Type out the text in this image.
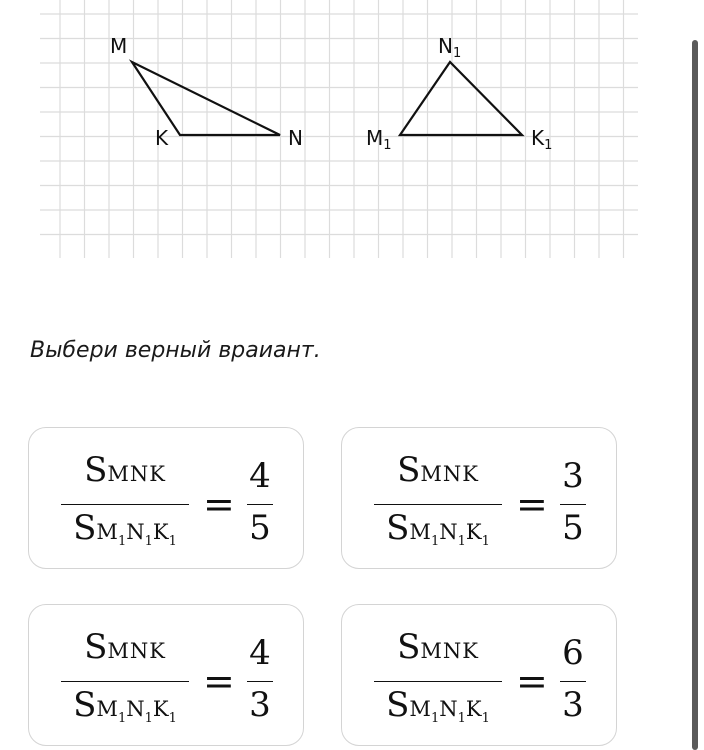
M
K	N
$N_1$
$M_1$	$K_1$
Выбери верный враиант.
SMNK
SM1N1K1
=
4
5
SMNK
SM1N1K1
=
3
5
SMNK
SM1N1K1
=
4
3
SMNK
SM1N1K1
=
6
3
